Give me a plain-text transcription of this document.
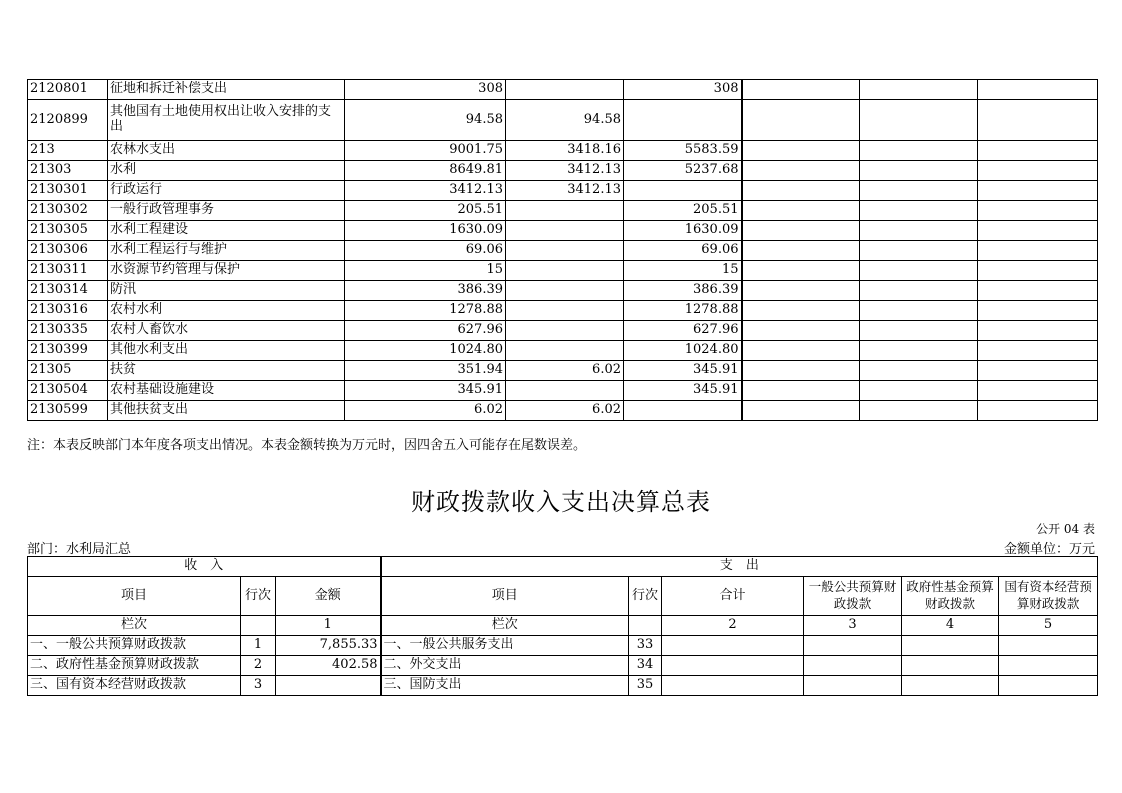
2120801	征地和拆迁补偿支出	308		308			
2120899	其他国有土地使用权出让收入安排的支出	94.58	94.58				
213	农林水支出	9001.75	3418.16	5583.59			
21303	水利	8649.81	3412.13	5237.68			
2130301	行政运行	3412.13	3412.13				
2130302	一般行政管理事务	205.51		205.51			
2130305	水利工程建设	1630.09		1630.09			
2130306	水利工程运行与维护	69.06		69.06			
2130311	水资源节约管理与保护	15		15			
2130314	防汛	386.39		386.39			
2130316	农村水利	1278.88		1278.88			
2130335	农村人畜饮水	627.96		627.96			
2130399	其他水利支出	1024.80		1024.80			
21305	扶贫	351.94	6.02	345.91			
2130504	农村基础设施建设	345.91		345.91			
2130599	其他扶贫支出	6.02	6.02				
注：本表反映部门本年度各项支出情况。本表金额转换为万元时，因四舍五入可能存在尾数误差。
财政拨款收入支出决算总表
公开 04 表
部门：水利局汇总	金额单位：万元
收　入			支　出					
项目	行次	金额	项目	行次	合计	一般公共预算财政拨款	政府性基金预算财政拨款	国有资本经营预算财政拨款
栏次		1	栏次		2	3	4	5
一、一般公共预算财政拨款	1	7,855.33	一、一般公共服务支出	33				
二、政府性基金预算财政拨款	2	402.58	二、外交支出	34				
三、国有资本经营财政拨款	3		三、国防支出	35				
